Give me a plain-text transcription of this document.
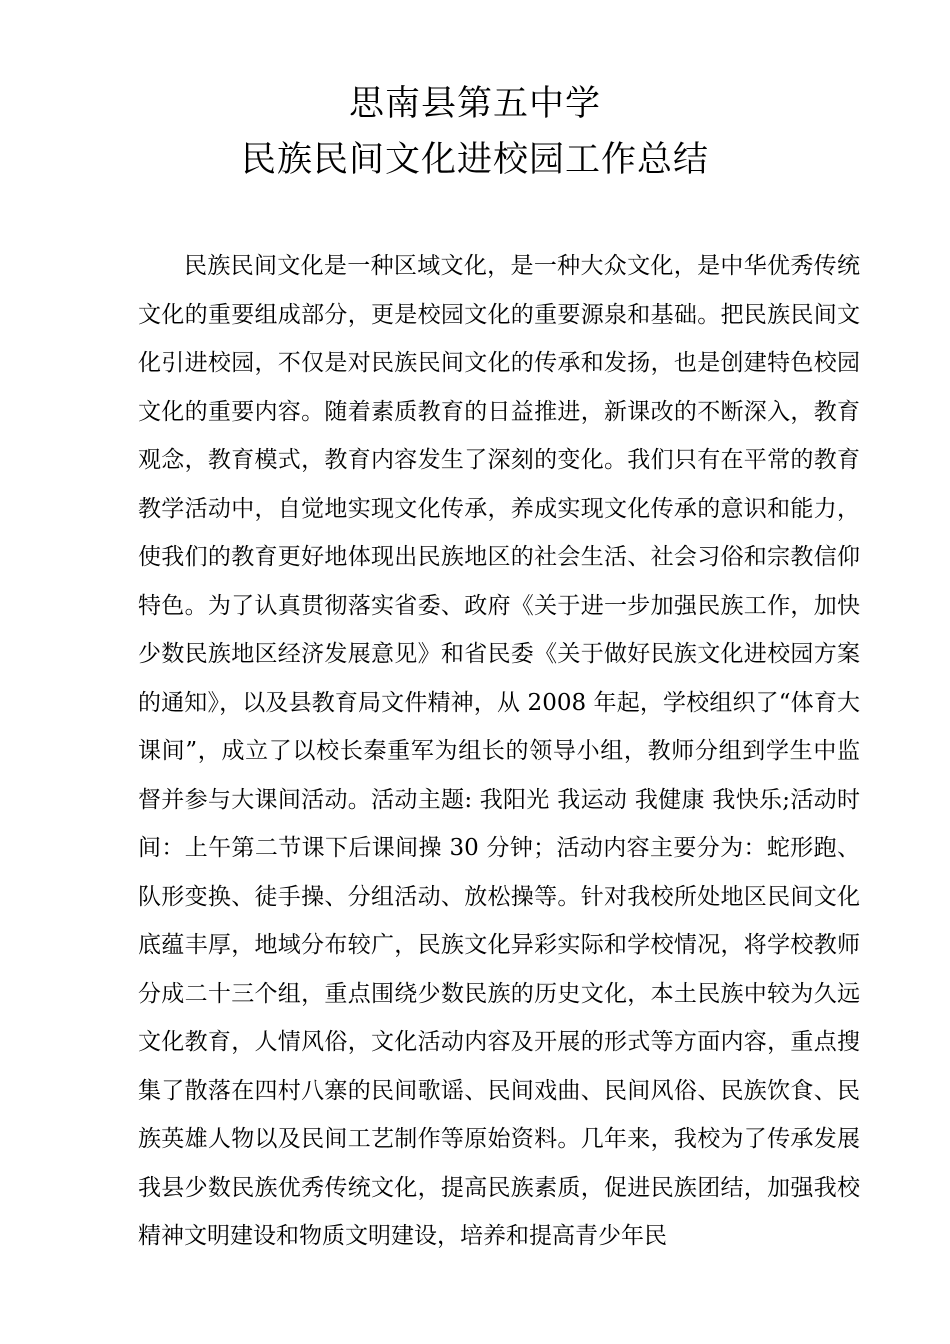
思南县第五中学
民族民间文化进校园工作总结

民族民间文化是一种区域文化，是一种大众文化，是中华优秀传统文化的重要组成部分，更是校园文化的重要源泉和基础。把民族民间文化引进校园，不仅是对民族民间文化的传承和发扬，也是创建特色校园文化的重要内容。随着素质教育的日益推进，新课改的不断深入，教育观念，教育模式，教育内容发生了深刻的变化。我们只有在平常的教育教学活动中，自觉地实现文化传承，养成实现文化传承的意识和能力，使我们的教育更好地体现出民族地区的社会生活、社会习俗和宗教信仰特色。为了认真贯彻落实省委、政府《关于进一步加强民族工作，加快少数民族地区经济发展意见》和省民委《关于做好民族文化进校园方案的通知》，以及县教育局文件精神，从 2008 年起，学校组织了“体育大课间”，成立了以校长秦重军为组长的领导小组，教师分组到学生中监督并参与大课间活动。活动主题: 我阳光 我运动 我健康 我快乐;活动时间：上午第二节课下后课间操 30 分钟；活动内容主要分为：蛇形跑、队形变换、徒手操、分组活动、放松操等。针对我校所处地区民间文化底蕴丰厚，地域分布较广，民族文化异彩实际和学校情况，将学校教师分成二十三个组，重点围绕少数民族的历史文化，本土民族中较为久远文化教育，人情风俗，文化活动内容及开展的形式等方面内容，重点搜集了散落在四村八寨的民间歌谣、民间戏曲、民间风俗、民族饮食、民族英雄人物以及民间工艺制作等原始资料。几年来，我校为了传承发展我县少数民族优秀传统文化，提高民族素质，促进民族团结，加强我校精神文明建设和物质文明建设，培养和提高青少年民
